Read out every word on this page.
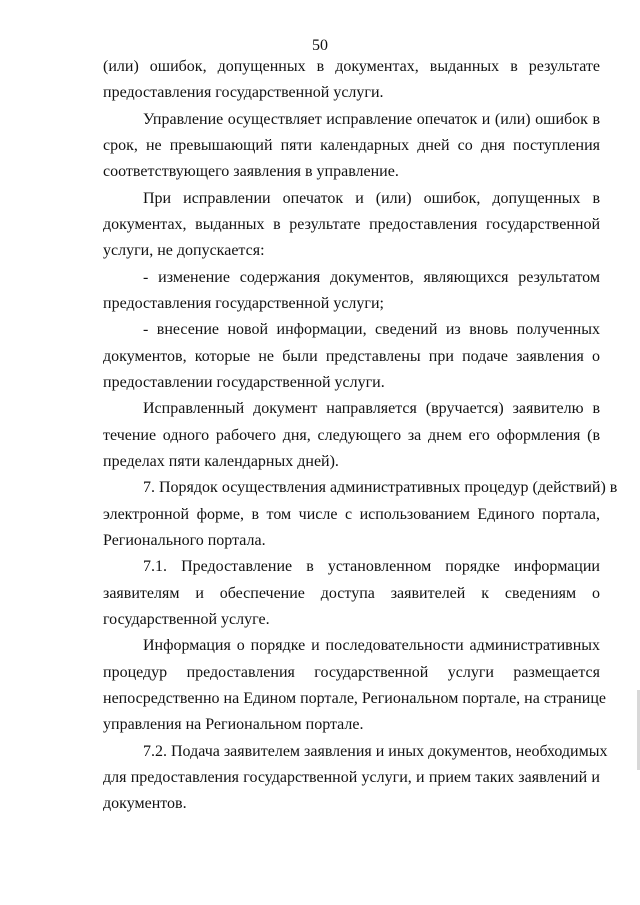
50
(или) ошибок, допущенных в документах, выданных в результате
предоставления государственной услуги.
Управление осуществляет исправление опечаток и (или) ошибок в
срок, не превышающий пяти календарных дней со дня поступления
соответствующего заявления в управление.
При исправлении опечаток и (или) ошибок, допущенных в
документах, выданных в результате предоставления государственной
услуги, не допускается:
- изменение содержания документов, являющихся результатом
предоставления государственной услуги;
- внесение новой информации, сведений из вновь полученных
документов, которые не были представлены при подаче заявления о
предоставлении государственной услуги.
Исправленный документ направляется (вручается) заявителю в
течение одного рабочего дня, следующего за днем его оформления (в
пределах пяти календарных дней).
7. Порядок осуществления административных процедур (действий) в
электронной форме, в том числе с использованием Единого портала,
Регионального портала.
7.1. Предоставление в установленном порядке информации
заявителям и обеспечение доступа заявителей к сведениям о
государственной услуге.
Информация о порядке и последовательности административных
процедур предоставления государственной услуги размещается
непосредственно на Едином портале, Региональном портале, на странице
управления на Региональном портале.
7.2. Подача заявителем заявления и иных документов, необходимых
для предоставления государственной услуги, и прием таких заявлений и
документов.
